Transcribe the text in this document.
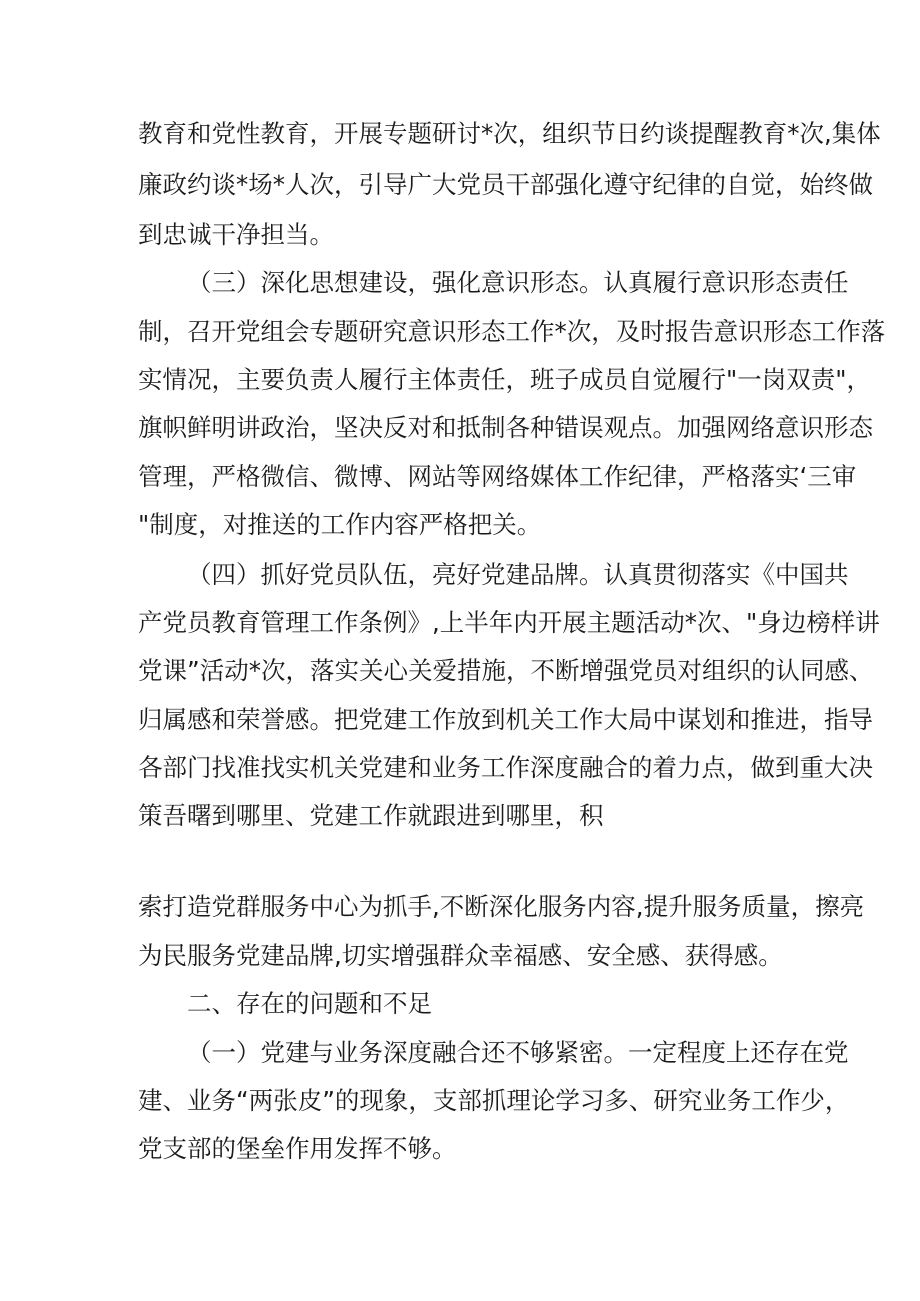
教育和党性教育，开展专题研讨*次，组织节日约谈提醒教育*次,集体
廉政约谈*场*人次，引导广大党员干部强化遵守纪律的自觉，始终做
到忠诚干净担当。
（三）深化思想建设，强化意识形态。认真履行意识形态责任
制，召开党组会专题研究意识形态工作*次，及时报告意识形态工作落
实情况，主要负责人履行主体责任，班子成员自觉履行"一岗双责"，
旗帜鲜明讲政治，坚决反对和抵制各种错误观点。加强网络意识形态
管理，严格微信、微博、网站等网络媒体工作纪律，严格落实‘三审
"制度，对推送的工作内容严格把关。
（四）抓好党员队伍，亮好党建品牌。认真贯彻落实《中国共
产党员教育管理工作条例》,上半年内开展主题活动*次、"身边榜样讲
党课”活动*次，落实关心关爱措施，不断增强党员对组织的认同感、
归属感和荣誉感。把党建工作放到机关工作大局中谋划和推进，指导
各部门找准找实机关党建和业务工作深度融合的着力点，做到重大决
策吾曙到哪里、党建工作就跟进到哪里，积
索打造党群服务中心为抓手,不断深化服务内容,提升服务质量，擦亮
为民服务党建品牌,切实增强群众幸福感、安全感、获得感。
二、存在的问题和不足
（一）党建与业务深度融合还不够紧密。一定程度上还存在党
建、业务“两张皮”的现象，支部抓理论学习多、研究业务工作少，
党支部的堡垒作用发挥不够。
